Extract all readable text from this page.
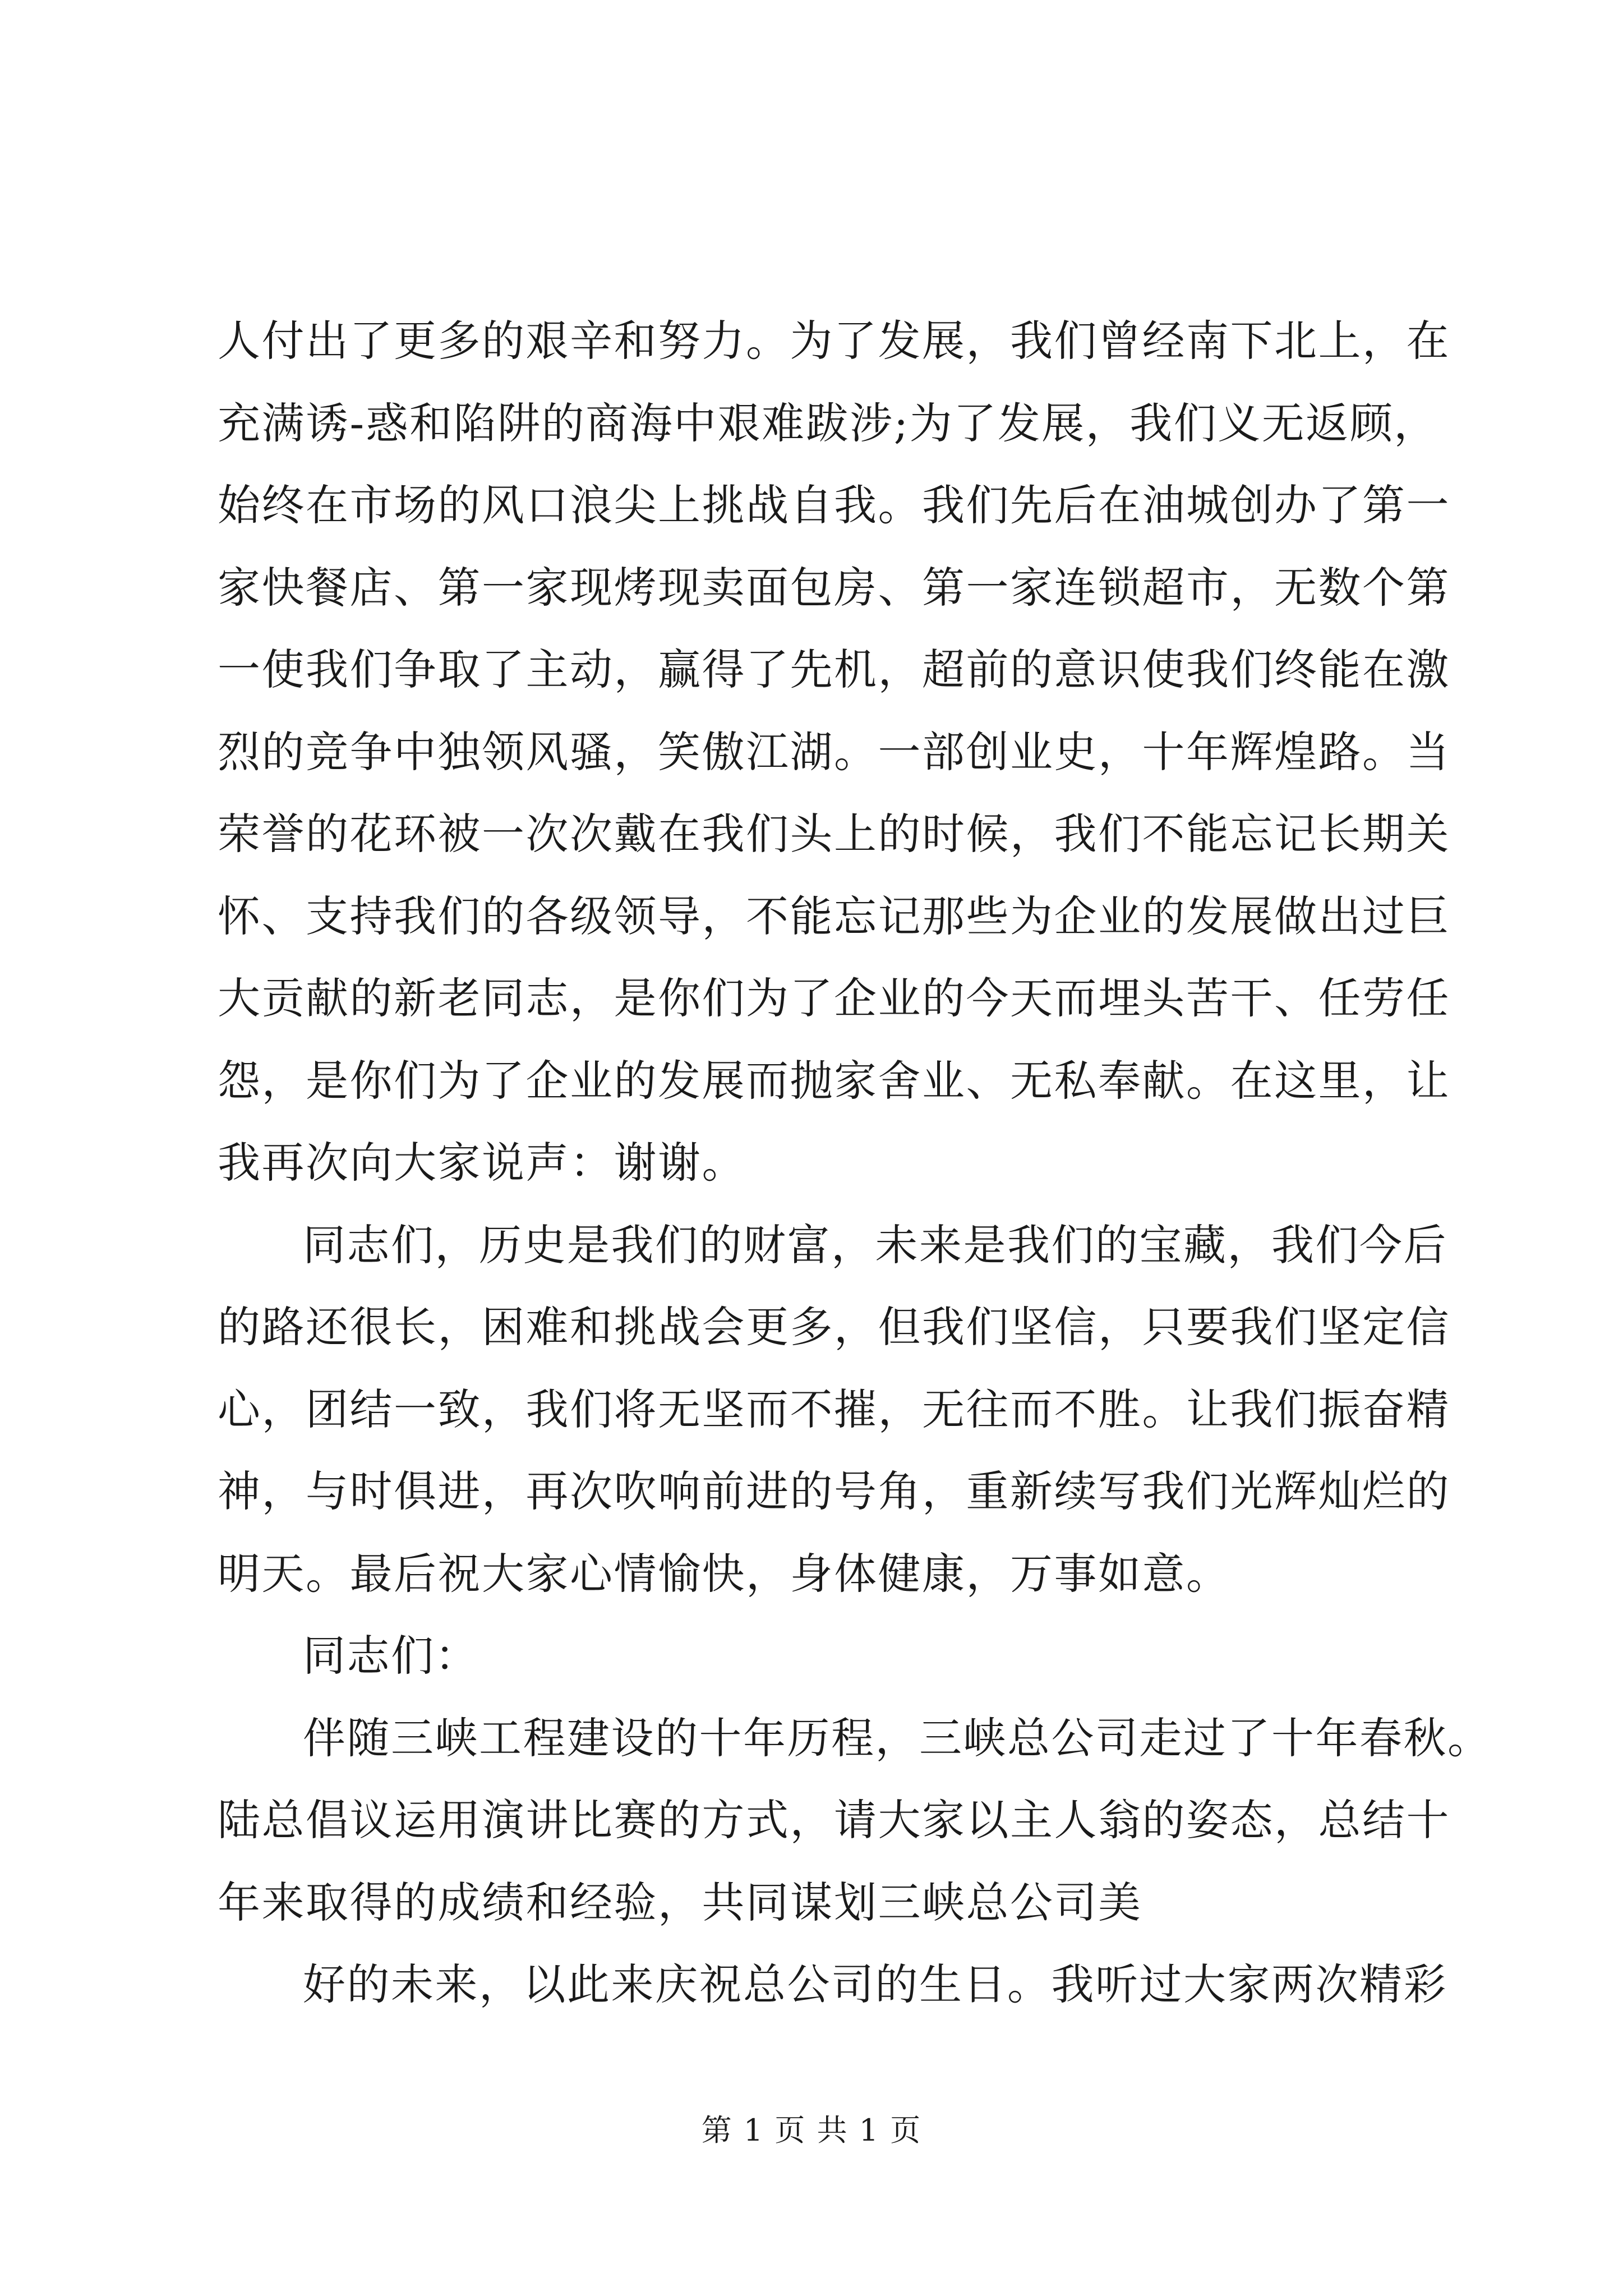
人付出了更多的艰辛和努力。为了发展，我们曾经南下北上，在
充满诱-惑和陷阱的商海中艰难跋涉;为了发展，我们义无返顾，
始终在市场的风口浪尖上挑战自我。我们先后在油城创办了第一
家快餐店、第一家现烤现卖面包房、第一家连锁超市，无数个第
一使我们争取了主动，赢得了先机，超前的意识使我们终能在激
烈的竞争中独领风骚，笑傲江湖。一部创业史，十年辉煌路。当
荣誉的花环被一次次戴在我们头上的时候，我们不能忘记长期关
怀、支持我们的各级领导，不能忘记那些为企业的发展做出过巨
大贡献的新老同志，是你们为了企业的今天而埋头苦干、任劳任
怨，是你们为了企业的发展而抛家舍业、无私奉献。在这里，让
我再次向大家说声：谢谢。
同志们，历史是我们的财富，未来是我们的宝藏，我们今后
的路还很长，困难和挑战会更多，但我们坚信，只要我们坚定信
心，团结一致，我们将无坚而不摧，无往而不胜。让我们振奋精
神，与时俱进，再次吹响前进的号角，重新续写我们光辉灿烂的
明天。最后祝大家心情愉快，身体健康，万事如意。
同志们：
伴随三峡工程建设的十年历程，三峡总公司走过了十年春秋。
陆总倡议运用演讲比赛的方式，请大家以主人翁的姿态，总结十
年来取得的成绩和经验，共同谋划三峡总公司美
好的未来，以此来庆祝总公司的生日。我听过大家两次精彩
第 1 页 共 1 页
